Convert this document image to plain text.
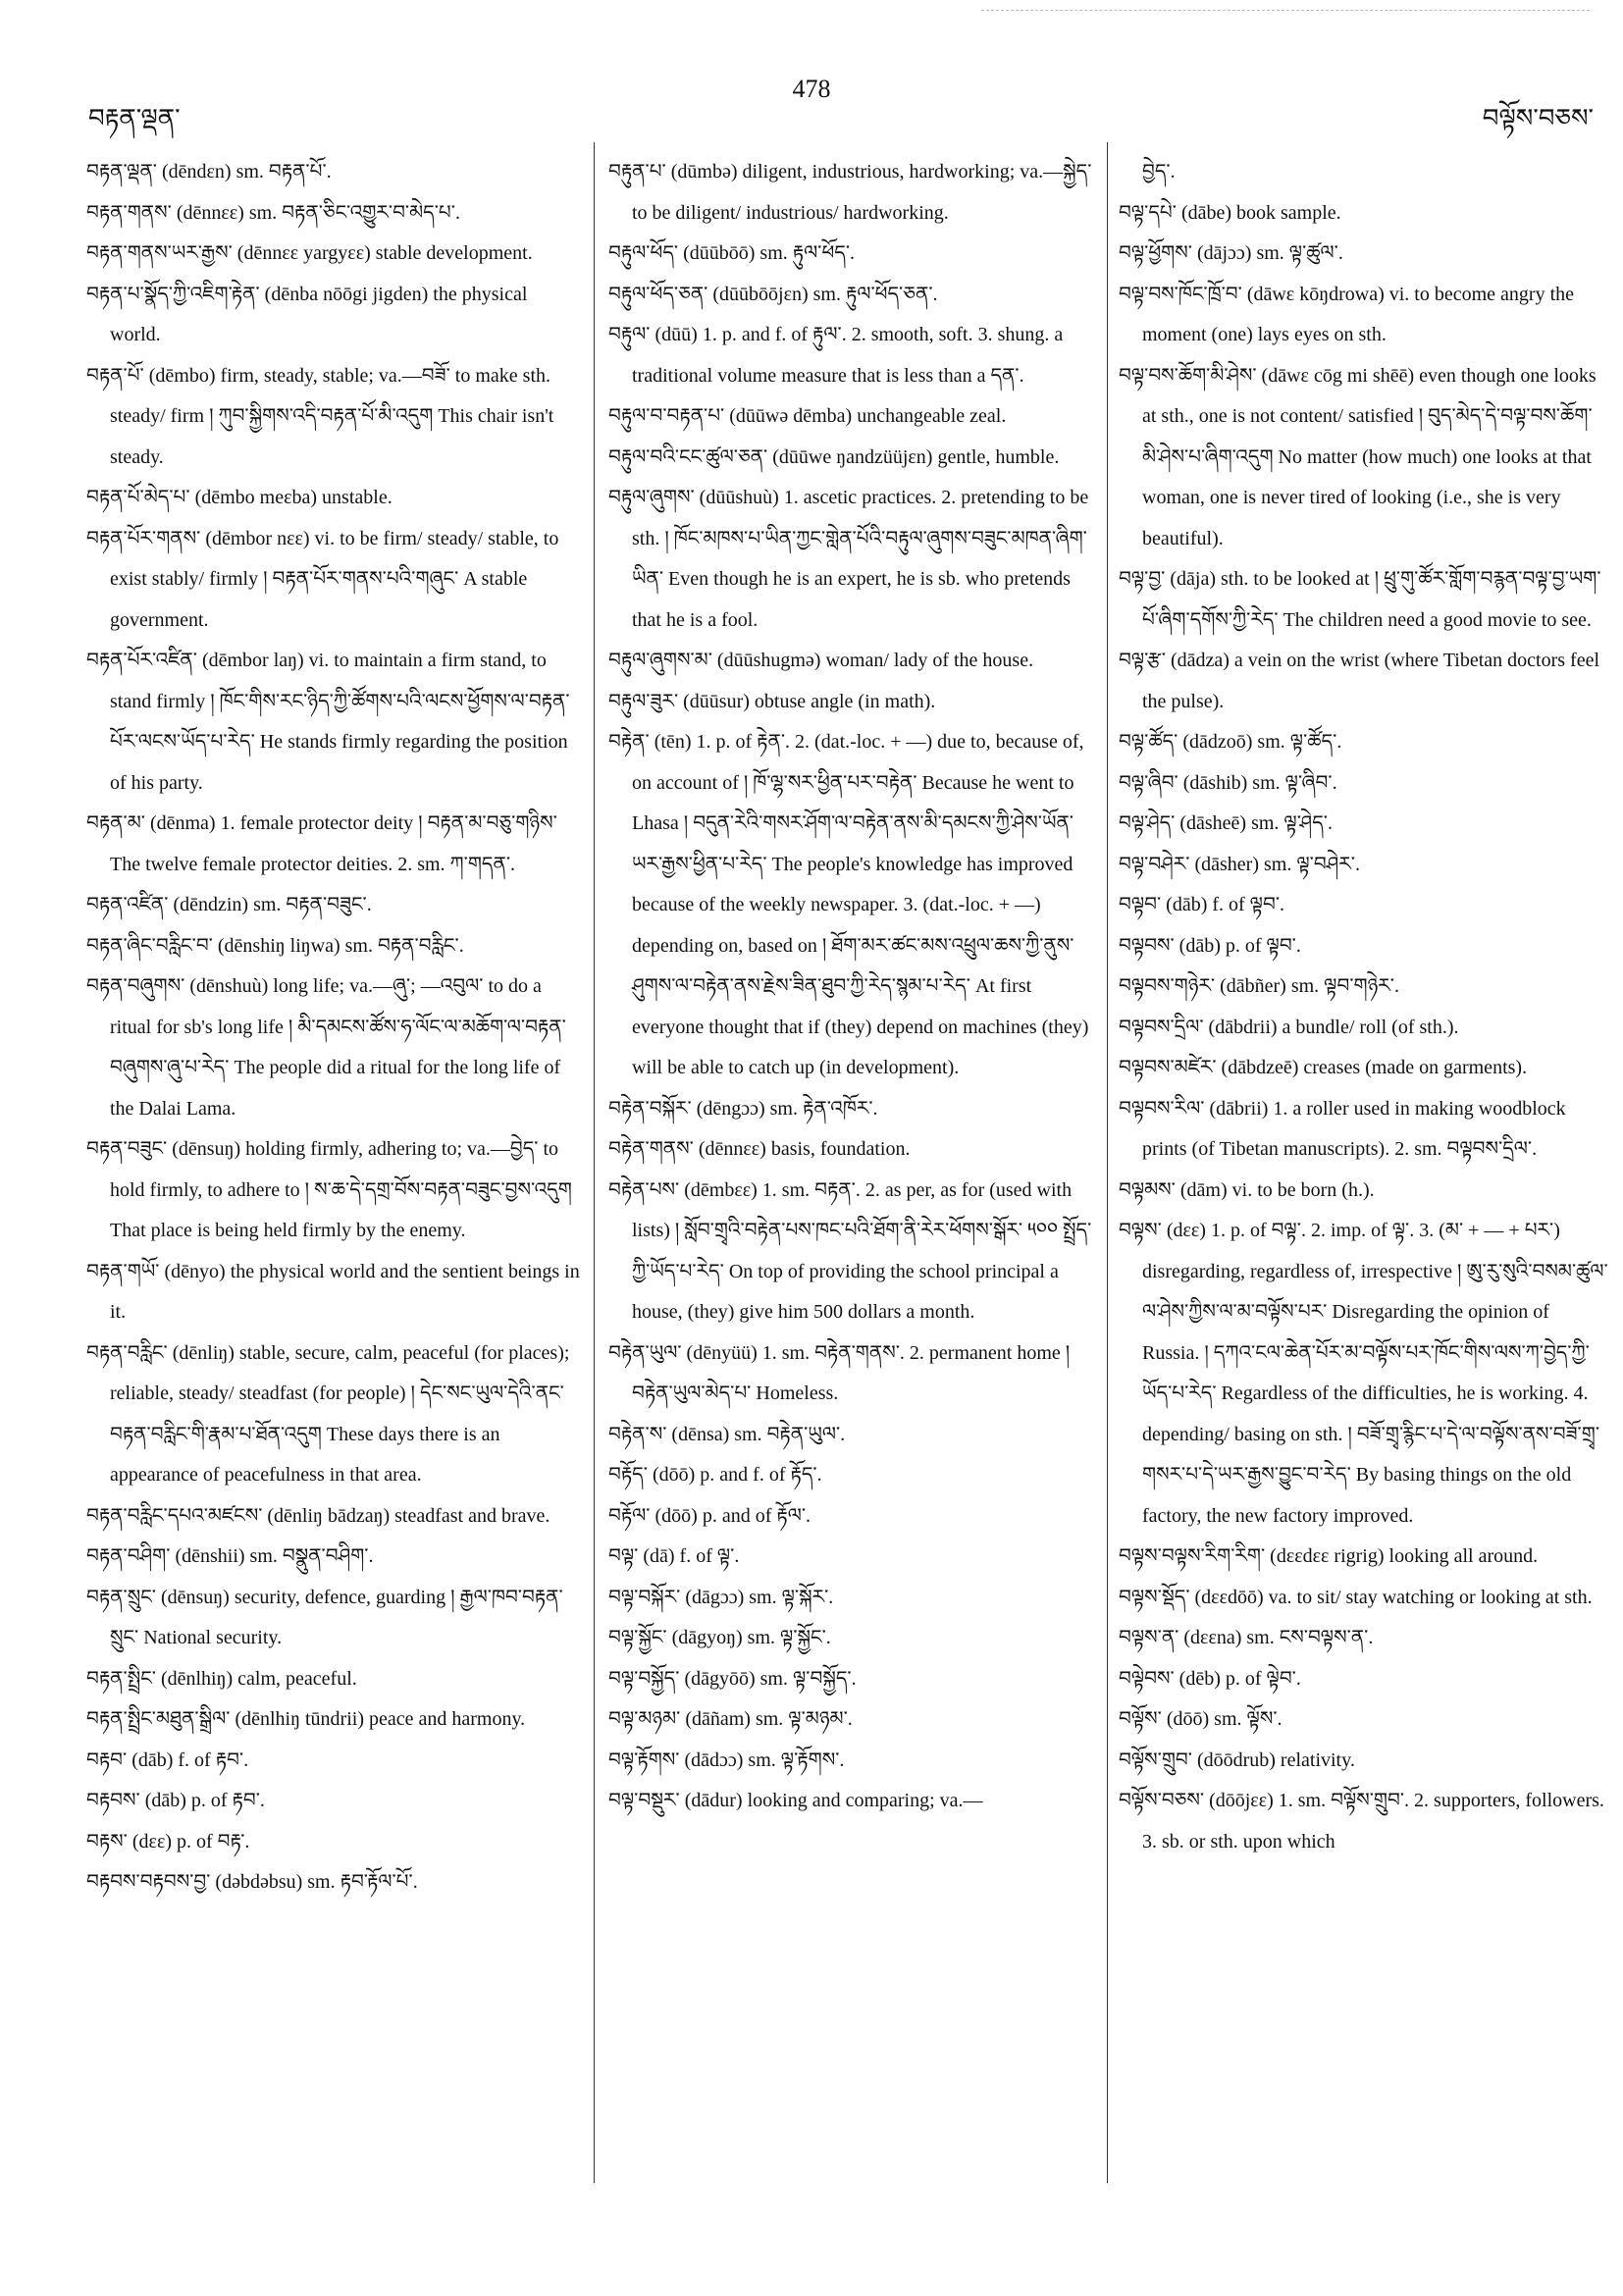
བརྟན་ལྡན་
478
བལྟོས་བཅས་

བརྟན་ལྡན་ (dēndεn) sm. བརྟན་པོ་.

བརྟན་གནས་ (dēnnεε) sm. བརྟན་ཅིང་འགྱུར་བ་མེད་པ་.

བརྟན་གནས་ཡར་རྒྱས་ (dēnnεε yargyεε) stable development.

བརྟན་པ་སྣོད་ཀྱི་འཇིག་རྟེན་ (dēnba nōōgi jigden) the physical world.

བརྟན་པོ་ (dēmbo) firm, steady, stable; va.—བཟོ་ to make sth. steady/ firm ། ཀུབ་སྐྱིགས་འདི་བརྟན་པོ་མི་འདུག This chair isn't steady.

བརྟན་པོ་མེད་པ་ (dēmbo meεba) unstable.

བརྟན་པོར་གནས་ (dēmbor nεε) vi. to be firm/ steady/ stable, to exist stably/ firmly ། བརྟན་པོར་གནས་པའི་གཞུང་ A stable government.

བརྟན་པོར་འཛིན་ (dēmbor laŋ) vi. to maintain a firm stand, to stand firmly ། ཁོང་གིས་རང་ཉིད་ཀྱི་ཚོགས་པའི་ལངས་ཕྱོགས་ལ་བརྟན་པོར་ལངས་ཡོད་པ་རེད་ He stands firmly regarding the position of his party.

བརྟན་མ་ (dēnma) 1. female protector deity ། བརྟན་མ་བཅུ་གཉིས་ The twelve female protector deities. 2. sm. ཀ་གདན་.

བརྟན་འཛིན་ (dēndzin) sm. བརྟན་བཟུང་.

བརྟན་ཞིང་བརླིང་བ་ (dēnshiŋ liŋwa) sm. བརྟན་བརླིང་.

བརྟན་བཞུགས་ (dēnshuù) long life; va.—ཞུ་; —འབུལ་ to do a ritual for sb's long life ། མི་དམངས་ཚོས་ཧ་ལོང་ལ་མཆོག་ལ་བརྟན་བཞུགས་ཞུ་པ་རེད་ The people did a ritual for the long life of the Dalai Lama.

བརྟན་བཟུང་ (dēnsuŋ) holding firmly, adhering to; va.—བྱེད་ to hold firmly, to adhere to ། ས་ཆ་དེ་དགྲ་བོས་བརྟན་བཟུང་བྱས་འདུག That place is being held firmly by the enemy.

བརྟན་གཡོ་ (dēnyo) the physical world and the sentient beings in it.

བརྟན་བརླིང་ (dēnliŋ) stable, secure, calm, peaceful (for places); reliable, steady/ steadfast (for people) ། དེང་སང་ཡུལ་དེའི་ནང་བརྟན་བརླིང་གི་རྣམ་པ་ཐོན་འདུག These days there is an appearance of peacefulness in that area.

བརྟན་བརླིང་དཔའ་མཛངས་ (dēnliŋ bādzaŋ) steadfast and brave.

བརྟན་བཤིག་ (dēnshii) sm. བསྣུན་བཤིག་.

བརྟན་སྲུང་ (dēnsuŋ) security, defence, guarding ། རྒྱལ་ཁབ་བརྟན་སྲུང་ National security.

བརྟན་སྤྲིང་ (dēnlhiŋ) calm, peaceful.

བརྟན་སྤྲིང་མཐུན་སྒྲིལ་ (dēnlhiŋ tūndrii) peace and harmony.

བརྟབ་ (dāb) f. of རྟབ་.

བརྟབས་ (dāb) p. of རྟབ་.

བརྟས་ (dεε) p. of བརྟ་.

བརྟབས་བརྟབས་བྱ་ (dəbdəbsu) sm. རྟབ་རྟོལ་པོ་.

བརྟུན་པ་ (dūmbə) diligent, industrious, hardworking; va.—སྐྱེད་ to be diligent/ industrious/ hardworking.

བརྟུལ་ཕོད་ (dūūbōō) sm. རྟུལ་ཕོད་.

བརྟུལ་ཕོད་ཅན་ (dūūbōōjεn) sm. རྟུལ་ཕོད་ཅན་.

བརྟུལ་ (dūū) 1. p. and f. of རྟུལ་. 2. smooth, soft. 3. shung. a traditional volume measure that is less than a དན་.

བརྟུལ་བ་བརྟན་པ་ (dūūwə dēmba) unchangeable zeal.

བརྟུལ་བའི་ངང་ཚུལ་ཅན་ (dūūwe ŋandzüüjεn) gentle, humble.

བརྟུལ་ཞུགས་ (dūūshuù) 1. ascetic practices. 2. pretending to be sth. ། ཁོང་མཁས་པ་ཡིན་ཀྱང་གླེན་པོའི་བརྟུལ་ཞུགས་བཟུང་མཁན་ཞིག་ཡིན་ Even though he is an expert, he is sb. who pretends that he is a fool.

བརྟུལ་ཞུགས་མ་ (dūūshugmə) woman/ lady of the house.

བརྟུལ་ཟུར་ (dūūsur) obtuse angle (in math).

བརྟེན་ (tēn) 1. p. of རྟེན་. 2. (dat.-loc. + —) due to, because of, on account of ། ཁོ་ལྷ་སར་ཕྱིན་པར་བརྟེན་ Because he went to Lhasa ། བདུན་རེའི་གསར་ཤོག་ལ་བརྟེན་ནས་མི་དམངས་ཀྱི་ཤེས་ཡོན་ཡར་རྒྱས་ཕྱིན་པ་རེད་ The people's knowledge has improved because of the weekly newspaper. 3. (dat.-loc. + —) depending on, based on ། ཐོག་མར་ཚང་མས་འཕྲུལ་ཆས་ཀྱི་ནུས་ཤུགས་ལ་བརྟེན་ནས་རྗེས་ཟིན་ཐུབ་ཀྱི་རེད་སྙམ་པ་རེད་ At first everyone thought that if (they) depend on machines (they) will be able to catch up (in development).

བརྟེན་བསྐོར་ (dēngɔɔ) sm. རྟེན་འཁོར་.

བརྟེན་གནས་ (dēnnεε) basis, foundation.

བརྟེན་པས་ (dēmbεε) 1. sm. བརྟན་. 2. as per, as for (used with lists) ། སློབ་གྲྭའི་བརྟེན་པས་ཁང་པའི་ཐོག་ནི་རེར་ཕོགས་སྒོར་ ༥༠༠ སྤྲོད་ཀྱི་ཡོད་པ་རེད་ On top of providing the school principal a house, (they) give him 500 dollars a month.

བརྟེན་ཡུལ་ (dēnyüü) 1. sm. བརྟེན་གནས་. 2. permanent home ། བརྟེན་ཡུལ་མེད་པ་ Homeless.

བརྟེན་ས་ (dēnsa) sm. བརྟེན་ཡུལ་.

བརྟོད་ (dōō) p. and f. of རྟོད་.

བརྟོལ་ (dōō) p. and of རྟོལ་.

བལྟ་ (dā) f. of ལྟ་.

བལྟ་བསྐོར་ (dāgɔɔ) sm. ལྟ་སྐོར་.

བལྟ་སྐྱོང་ (dāgyoŋ) sm. ལྟ་སྐྱོང་.

བལྟ་བསྐྱོད་ (dāgyōō) sm. ལྟ་བསྐྱོད་.

བལྟ་མཉམ་ (dāñam) sm. ལྟ་མཉམ་.

བལྟ་རྟོགས་ (dādɔɔ) sm. ལྟ་རྟོགས་.

བལྟ་བསྡུར་ (dādur) looking and comparing; va.—

བྱེད་.

བལྟ་དཔེ་ (dābe) book sample.

བལྟ་ཕྱོགས་ (dājɔɔ) sm. ལྟ་ཚུལ་.

བལྟ་བས་ཁོང་ཁྲོ་བ་ (dāwε kōŋdrowa) vi. to become angry the moment (one) lays eyes on sth.

བལྟ་བས་ཆོག་མི་ཤེས་ (dāwε cōg mi shēē) even though one looks at sth., one is not content/ satisfied ། བུད་མེད་དེ་བལྟ་བས་ཆོག་མི་ཤེས་པ་ཞིག་འདུག No matter (how much) one looks at that woman, one is never tired of looking (i.e., she is very beautiful).

བལྟ་བྱ་ (dāja) sth. to be looked at ། ཕྲུ་གུ་ཚོར་གློག་བརྙན་བལྟ་བྱ་ཡག་པོ་ཞིག་དགོས་ཀྱི་རེད་ The children need a good movie to see.

བལྟ་རྩ་ (dādza) a vein on the wrist (where Tibetan doctors feel the pulse).

བལྟ་ཚོད་ (dādzoō) sm. ལྟ་ཚོད་.

བལྟ་ཞིབ་ (dāshib) sm. ལྟ་ཞིབ་.

བལྟ་ཤེད་ (dāsheē) sm. ལྟ་ཤེད་.

བལྟ་བཤེར་ (dāsher) sm. ལྟ་བཤེར་.

བལྟབ་ (dāb) f. of ལྟབ་.

བལྟབས་ (dāb) p. of ལྟབ་.

བལྟབས་གཉེར་ (dābñer) sm. ལྟབ་གཉེར་.

བལྟབས་དྲིལ་ (dābdrii) a bundle/ roll (of sth.).

བལྟབས་མཛེར་ (dābdzeē) creases (made on garments).

བལྟབས་རིལ་ (dābrii) 1. a roller used in making woodblock prints (of Tibetan manuscripts). 2. sm. བལྟབས་དྲིལ་.

བལྟམས་ (dām) vi. to be born (h.).

བལྟས་ (dεε) 1. p. of བལྟ་. 2. imp. of ལྟ་. 3. (མ་ + — + པར་) disregarding, regardless of, irrespective ། ཨུ་རུ་སུའི་བསམ་ཚུལ་ལ་ཤེས་ཀྱིས་ལ་མ་བལྟོས་པར་ Disregarding the opinion of Russia. ། དཀའ་ངལ་ཆེན་པོར་མ་བལྟོས་པར་ཁོང་གིས་ལས་ཀ་བྱེད་ཀྱི་ཡོད་པ་རེད་ Regardless of the difficulties, he is working. 4. depending/ basing on sth. ། བཟོ་གྲྭ་རྙིང་པ་དེ་ལ་བལྟོས་ནས་བཟོ་གྲྭ་གསར་པ་དེ་ཡར་རྒྱས་བྱུང་བ་རེད་ By basing things on the old factory, the new factory improved.

བལྟས་བལྟས་རིག་རིག་ (dεεdεε rigrig) looking all around.

བལྟས་སྡོད་ (dεεdōō) va. to sit/ stay watching or looking at sth.

བལྟས་ན་ (dεεna) sm. ངས་བལྟས་ན་.

བལྟེབས་ (dēb) p. of ལྟེབ་.

བལྟོས་ (dōō) sm. ལྟོས་.

བལྟོས་གྲུབ་ (dōōdrub) relativity.

བལྟོས་བཅས་ (dōōjεε) 1. sm. བལྟོས་གྲུབ་. 2. supporters, followers. 3. sb. or sth. upon which
